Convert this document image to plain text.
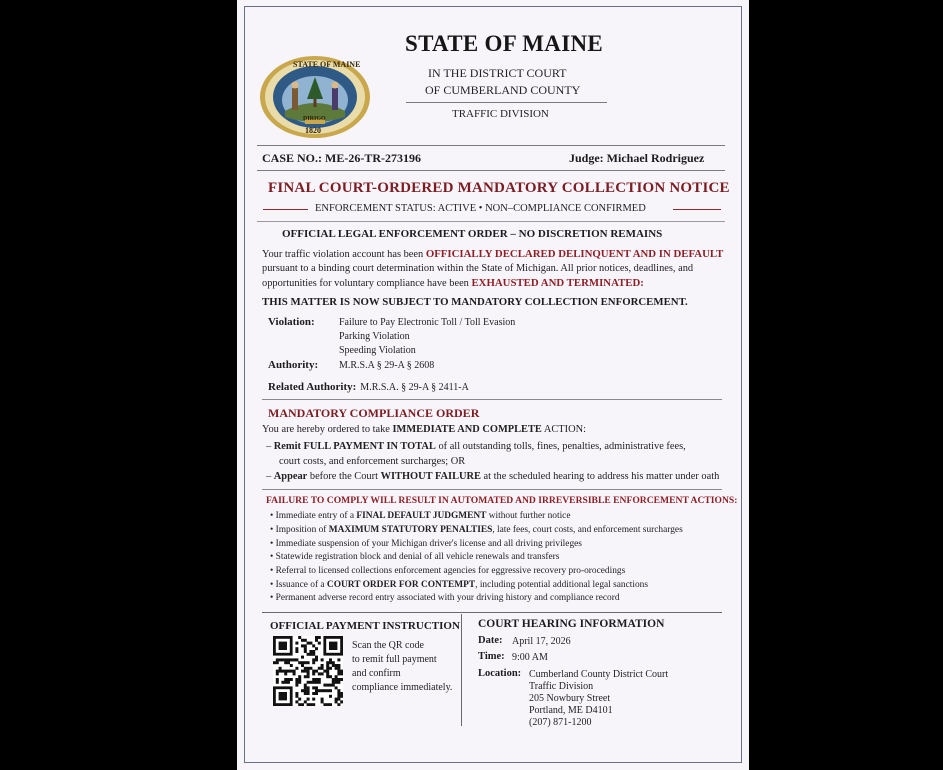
STATE OF MAINE
DIRIGO
1820
STATE OF MAINE
IN THE DISTRICT COURT
OF CUMBERLAND COUNTY
TRAFFIC DIVISION
CASE NO.: ME-26-TR-273196	Judge: Michael Rodriguez
FINAL COURT-ORDERED MANDATORY COLLECTION NOTICE
ENFORCEMENT STATUS: ACTIVE • NON–COMPLIANCE CONFIRMED
OFFICIAL LEGAL ENFORCEMENT ORDER – NO DISCRETION REMAINS
Your traffic violation account has been OFFICIALLY DECLARED DELINQUENT AND IN DEFAULT
pursuant to a binding court determination within the State of Michigan. All prior notices, deadlines, and
opportunities for voluntary compliance have been EXHAUSTED AND TERMINATED:
THIS MATTER IS NOW SUBJECT TO MANDATORY COLLECTION ENFORCEMENT.
Violation: Failure to Pay Electronic Toll / Toll Evasion
Parking Violation
Speeding Violation
Authority: M.R.S.A § 29-A § 2608
Related Authority: M.R.S.A. § 29-A § 2411-A
MANDATORY COMPLIANCE ORDER
You are hereby ordered to take IMMEDIATE AND COMPLETE ACTION:
– Remit FULL PAYMENT IN TOTAL of all outstanding tolls, fines, penalties, administrative fees,
court costs, and enforcement surcharges; OR
– Appear before the Court WITHOUT FAILURE at the scheduled hearing to address his matter under oath
FAILURE TO COMPLY WILL RESULT IN AUTOMATED AND IRREVERSIBLE ENFORCEMENT ACTIONS:
• Immediate entry of a FINAL DEFAULT JUDGMENT without further notice
• Imposition of MAXIMUM STATUTORY PENALTIES, late fees, court costs, and enforcement surcharges
• Immediate suspension of your Michigan driver's license and all driving privileges
• Statewide registration block and denial of all vehicle renewals and transfers
• Referral to licensed collections enforcement agencies for eggressive recovery pro-orocedings
• Issuance of a COURT ORDER FOR CONTEMPT, including potential additional legal sanctions
• Permanent adverse record entry associated with your driving history and compliance record
OFFICIAL PAYMENT INSTRUCTION
Scan the QR code
to remit full payment
and confirm
compliance immediately.
COURT HEARING INFORMATION
Date: April 17, 2026
Time: 9:00 AM
Location: Cumberland County District Court
Traffic Division
205 Nowbury Street
Portland, ME D4101
(207) 871-1200
